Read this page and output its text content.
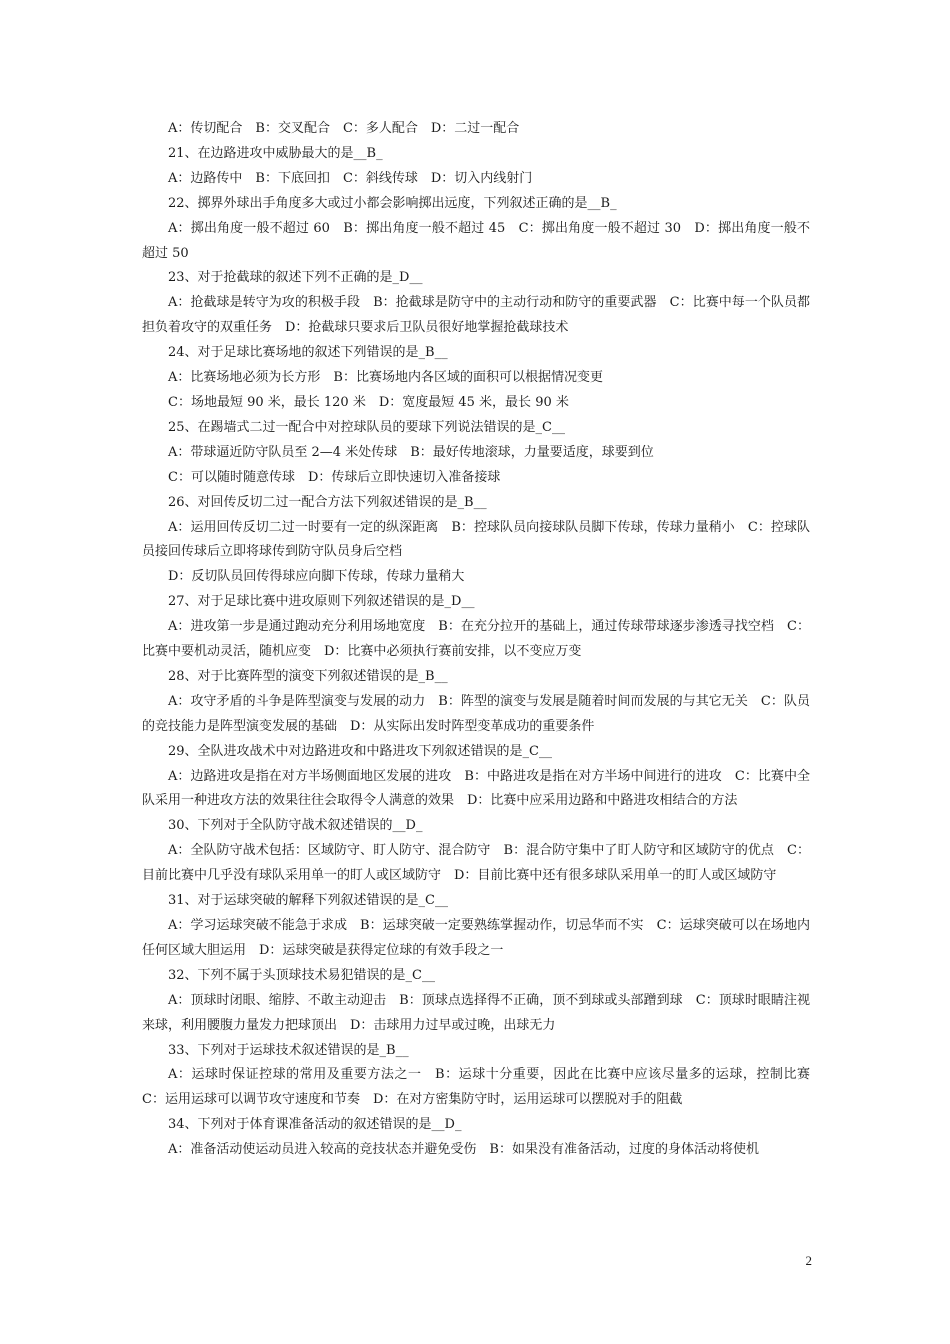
A：传切配合　B：交叉配合　C：多人配合　D：二过一配合

21、在边路进攻中威胁最大的是__B_

A：边路传中　B：下底回扣　C：斜线传球　D：切入内线射门

22、掷界外球出手角度多大或过小都会影响掷出远度，下列叙述正确的是__B_

A：掷出角度一般不超过 60　B：掷出角度一般不超过 45　C：掷出角度一般不超过 30　D：掷出角度一般不超过 50

23、对于抢截球的叙述下列不正确的是_D__

A：抢截球是转守为攻的积极手段　B：抢截球是防守中的主动行动和防守的重要武器　C：比赛中每一个队员都担负着攻守的双重任务　D：抢截球只要求后卫队员很好地掌握抢截球技术

24、对于足球比赛场地的叙述下列错误的是_B__

A：比赛场地必须为长方形　B：比赛场地内各区域的面积可以根据情况变更

C：场地最短 90 米，最长 120 米　D：宽度最短 45 米，最长 90 米

25、在踢墙式二过一配合中对控球队员的要球下列说法错误的是_C__

A：带球逼近防守队员至 2—4 米处传球　B：最好传地滚球，力量要适度，球要到位

C：可以随时随意传球　D：传球后立即快速切入准备接球

26、对回传反切二过一配合方法下列叙述错误的是_B__

A：运用回传反切二过一时要有一定的纵深距离　B：控球队员向接球队员脚下传球，传球力量稍小　C：控球队员接回传球后立即将球传到防守队员身后空档

D：反切队员回传得球应向脚下传球，传球力量稍大

27、对于足球比赛中进攻原则下列叙述错误的是_D__

A：进攻第一步是通过跑动充分利用场地宽度　B：在充分拉开的基础上，通过传球带球逐步渗透寻找空档　C：比赛中要机动灵活，随机应变　D：比赛中必须执行赛前安排，以不变应万变

28、对于比赛阵型的演变下列叙述错误的是_B__

A：攻守矛盾的斗争是阵型演变与发展的动力　B：阵型的演变与发展是随着时间而发展的与其它无关　C：队员的竞技能力是阵型演变发展的基础　D：从实际出发时阵型变革成功的重要条件

29、全队进攻战术中对边路进攻和中路进攻下列叙述错误的是_C__

A：边路进攻是指在对方半场侧面地区发展的进攻　B：中路进攻是指在对方半场中间进行的进攻　C：比赛中全队采用一种进攻方法的效果往往会取得令人满意的效果　D：比赛中应采用边路和中路进攻相结合的方法

30、下列对于全队防守战术叙述错误的__D_

A：全队防守战术包括：区域防守、盯人防守、混合防守　B：混合防守集中了盯人防守和区域防守的优点　C：目前比赛中几乎没有球队采用单一的盯人或区域防守　D：目前比赛中还有很多球队采用单一的盯人或区域防守

31、对于运球突破的解释下列叙述错误的是_C__

A：学习运球突破不能急于求成　B：运球突破一定要熟练掌握动作，切忌华而不实　C：运球突破可以在场地内任何区域大胆运用　D：运球突破是获得定位球的有效手段之一

32、下列不属于头顶球技术易犯错误的是_C__

A：顶球时闭眼、缩脖、不敢主动迎击　B：顶球点选择得不正确，顶不到球或头部蹭到球　C：顶球时眼睛注视来球，利用腰腹力量发力把球顶出　D：击球用力过早或过晚，出球无力

33、下列对于运球技术叙述错误的是_B__

A：运球时保证控球的常用及重要方法之一　B：运球十分重要，因此在比赛中应该尽量多的运球，控制比赛　C：运用运球可以调节攻守速度和节奏　D：在对方密集防守时，运用运球可以摆脱对手的阻截

34、下列对于体育课准备活动的叙述错误的是__D_

A：准备活动使运动员进入较高的竞技状态并避免受伤　B：如果没有准备活动，过度的身体活动将使机

2
